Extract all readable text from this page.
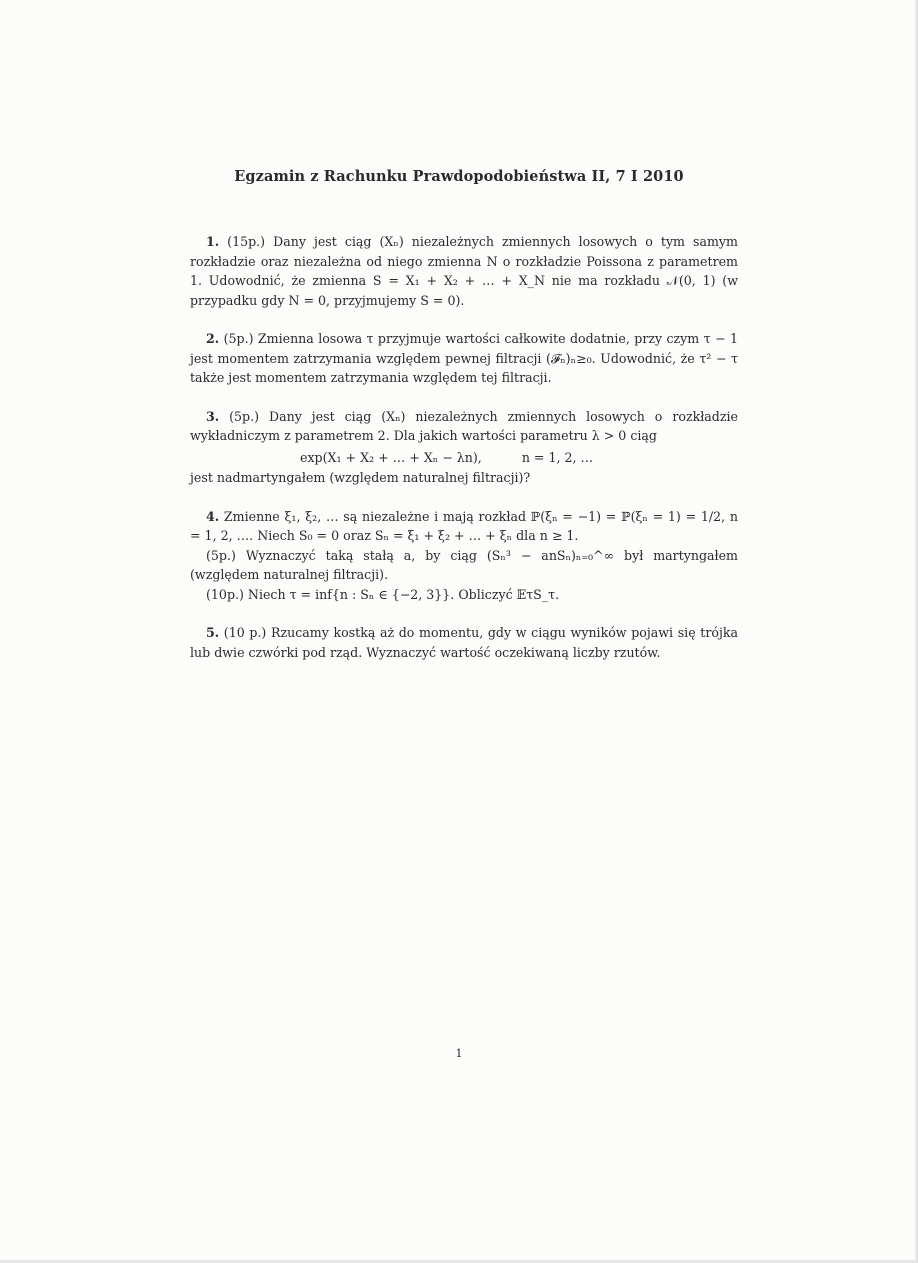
Egzamin z Rachunku Prawdopodobieństwa II, 7 I 2010

1. (15p.) Dany jest ciąg (Xₙ) niezależnych zmiennych losowych o tym samym rozkładzie oraz niezależna od niego zmienna N o rozkładzie Poissona z parametrem 1. Udowodnić, że zmienna S = X₁ + X₂ + … + X_N nie ma rozkładu 𝒩(0, 1) (w przypadku gdy N = 0, przyjmujemy S = 0).

2. (5p.) Zmienna losowa τ przyjmuje wartości całkowite dodatnie, przy czym τ − 1 jest momentem zatrzymania względem pewnej filtracji (𝓕ₙ)ₙ≥₀. Udowodnić, że τ² − τ także jest momentem zatrzymania względem tej filtracji.

3. (5p.) Dany jest ciąg (Xₙ) niezależnych zmiennych losowych o rozkładzie wykładniczym z parametrem 2. Dla jakich wartości parametru λ > 0 ciąg

exp(X₁ + X₂ + … + Xₙ − λn),	n = 1, 2, …

jest nadmartyngałem (względem naturalnej filtracji)?

4. Zmienne ξ₁, ξ₂, … są niezależne i mają rozkład ℙ(ξₙ = −1) = ℙ(ξₙ = 1) = 1/2, n = 1, 2, …. Niech S₀ = 0 oraz Sₙ = ξ₁ + ξ₂ + … + ξₙ dla n ≥ 1.

(5p.) Wyznaczyć taką stałą a, by ciąg (Sₙ³ − anSₙ)ₙ₌₀^∞ był martyngałem (względem naturalnej filtracji).

(10p.) Niech τ = inf{n : Sₙ ∈ {−2, 3}}. Obliczyć 𝔼τS_τ.

5. (10 p.) Rzucamy kostką aż do momentu, gdy w ciągu wyników pojawi się trójka lub dwie czwórki pod rząd. Wyznaczyć wartość oczekiwaną liczby rzutów.

1
